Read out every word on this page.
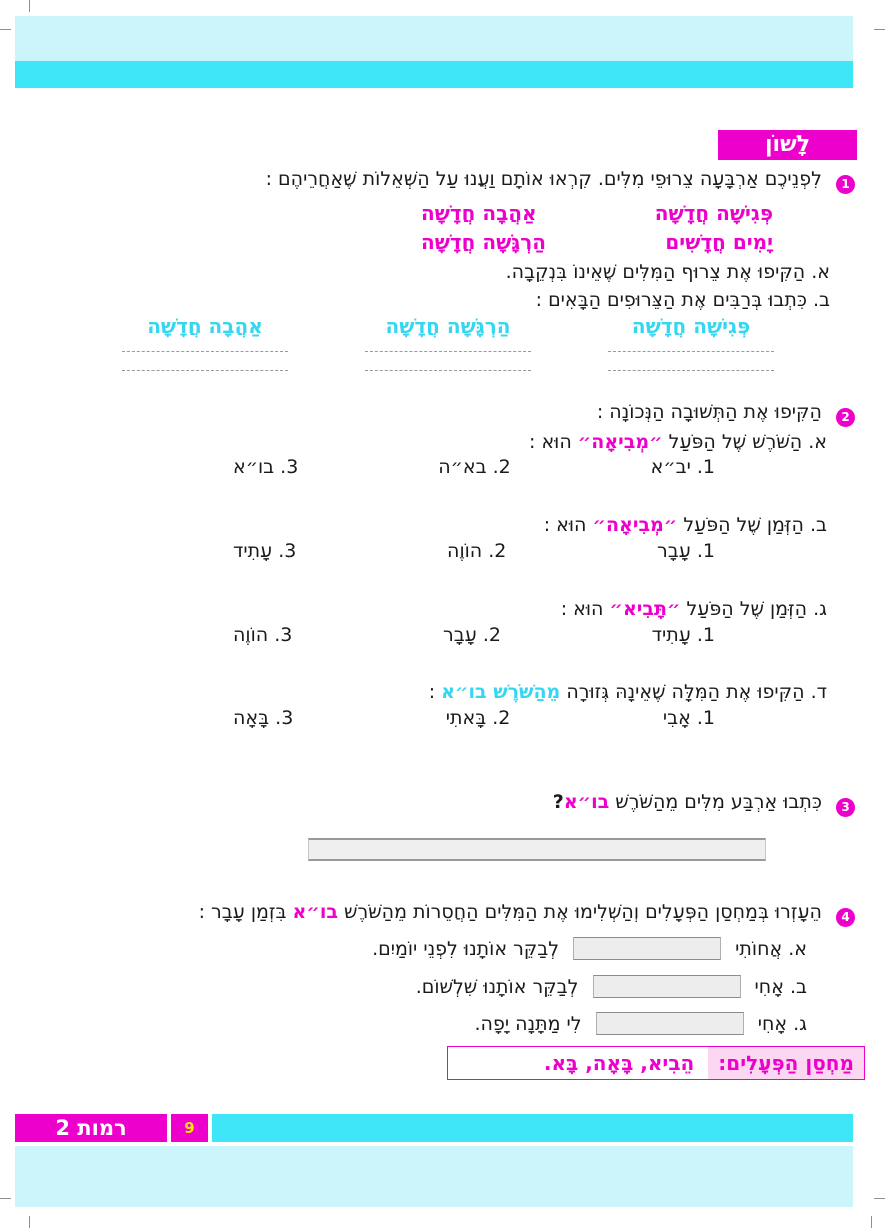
לָשׁוֹן
1 לִפְנֵיכֶם אַרְבָּעָה צֵרוּפֵי מִלִּים. קִרְאוּ אוֹתָם וַעֲנוּ עַל הַשְּׁאֵלוֹת שֶׁאַחֲרֵיהֶם :
פְּגִישָׁה חֲדָשָׁה
אַהֲבָה חֲדָשָׁה
יָמִים חֲדָשִׁים
הַרְגָּשָׁה חֲדָשָׁה
א. הַקִּיפוּ אֶת צֵרוּף הַמִּלִּים שֶׁאֵינוֹ בִּנְקֵבָה.
ב. כִּתְבוּ בְּרַבִּים אֶת הַצֵּרוּפִים הַבָּאִים :
פְּגִישָׁה חֲדָשָׁה
הַרְגָּשָׁה חֲדָשָׁה
אַהֲבָה חֲדָשָׁה
2 הַקִּיפוּ אֶת הַתְּשׁוּבָה הַנְּכוֹנָה :
א. הַשֹּׁרֶשׁ שֶׁל הַפֹּעַל ״מְבִיאָה״ הוּא :
1. יב״א
2. בא״ה
3. בו״א
ב. הַזְּמַן שֶׁל הַפֹּעַל ״מְבִיאָה״ הוּא :
1. עָבָר
2. הוֹוֶה
3. עָתִיד
ג. הַזְּמַן שֶׁל הַפֹּעַל ״תָּבִיא״ הוּא :
1. עָתִיד
2. עָבָר
3. הוֹוֶה
ד. הַקִּיפוּ אֶת הַמִּלָּה שֶׁאֵינָהּ גְּזוּרָה מֵהַשֹּׁרֶשׁ בו״א :
1. אָבִי
2. בָּאתִי
3. בָּאָה
3 כִּתְבוּ אַרְבַּע מִלִּים מֵהַשֹּׁרֶשׁ בו״א?
4 הֵעָזְרוּ בְּמַחְסַן הַפְּעָלִים וְהַשְׁלִימוּ אֶת הַמִּלִּים הַחֲסֵרוֹת מֵהַשֹּׁרֶשׁ בו״א בִּזְמַן עָבָר :
א. אֲחוֹתִי  לְבַקֵּר אוֹתָנוּ לִפְנֵי יוֹמַיִם.
ב. אָחִי  לְבַקֵּר אוֹתָנוּ שִׁלְשׁוֹם.
ג. אָחִי  לִי מַתָּנָה יָפָה.
מַחְסַן הַפְּעָלִים:
הֵבִיא, בָּאָה, בָּא.
רמות 2	9
